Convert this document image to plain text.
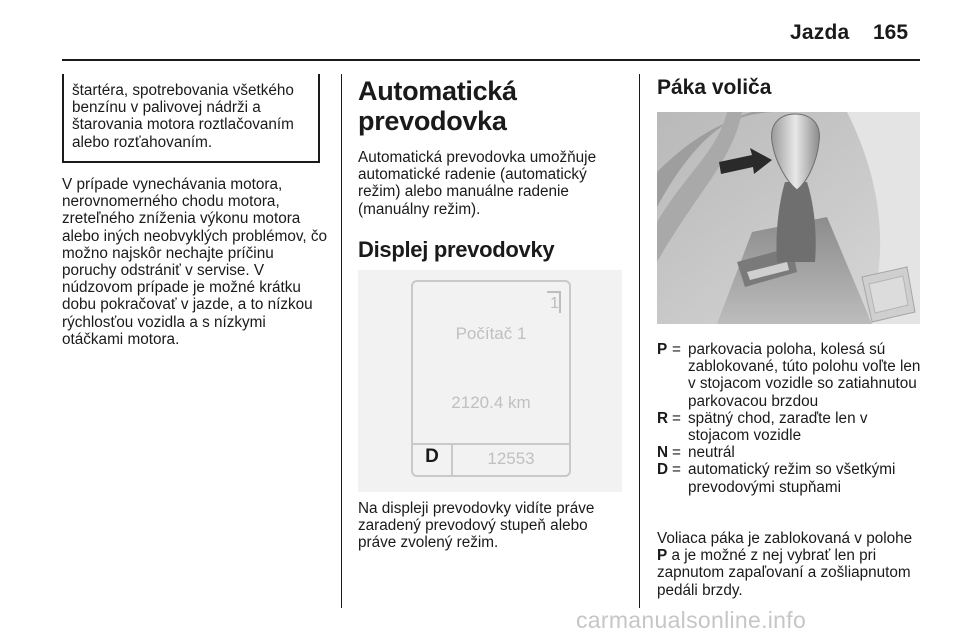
Jazda 165
štartéra, spotrebovania všetkého benzínu v palivovej nádrži a štarovania motora roztlačovaním alebo rozťahovaním.
V prípade vynechávania motora, nerovnomerného chodu motora, zreteľného zníženia výkonu motora alebo iných neobvyklých problémov, čo možno najskôr nechajte príčinu poruchy odstrániť v servise. V núdzovom prípade je možné krátku dobu pokračovať v jazde, a to nízkou rýchlosťou vozidla a s nízkymi otáčkami motora.
Automatická prevodovka
Automatická prevodovka umožňuje automatické radenie (automatický režim) alebo manuálne radenie (manuálny režim).
Displej prevodovky
1
Počítač 1
2120.4 km
D	12553
Na displeji prevodovky vidíte práve zaradený prevodový stupeň alebo práve zvolený režim.
Páka voliča
P = parkovacia poloha, kolesá sú zablokované, túto polohu voľte len v stojacom vozidle so zatiahnutou parkovacou brzdou
R = spätný chod, zaraďte len v stojacom vozidle
N = neutrál
D = automatický režim so všetkými prevodovými stupňami
Voliaca páka je zablokovaná v polohe P a je možné z nej vybrať len pri zapnutom zapaľovaní a zošliapnutom pedáli brzdy.
carmanualsonline.info
